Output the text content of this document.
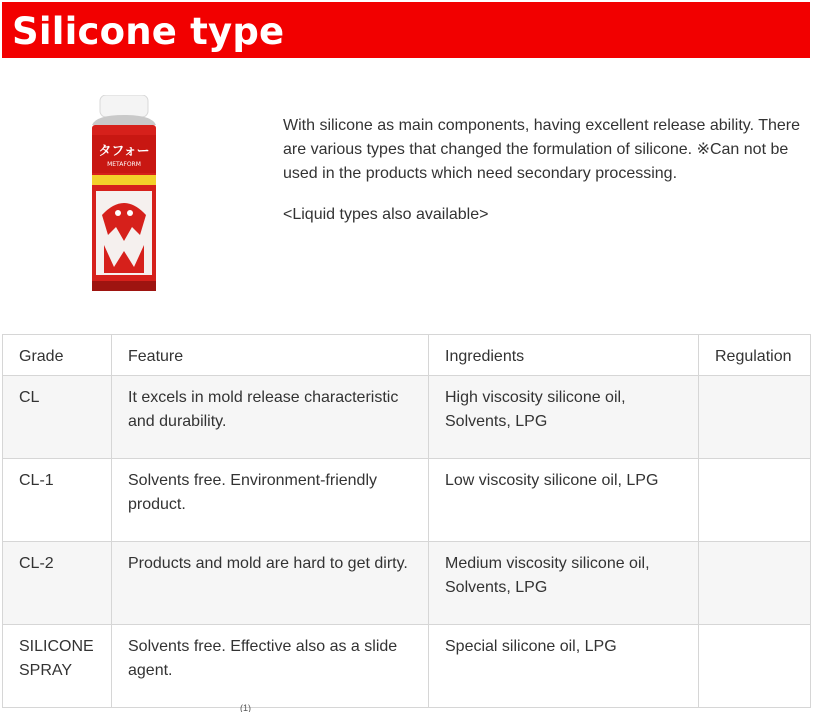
Silicone type
タフォー
METAFORM

With silicone as main components, having excellent release ability. There are various types that changed the formulation of silicone. ※Can not be used in the products which need secondary processing.

<Liquid types also available>

Grade	Feature	Ingredients	Regulation
CL	It excels in mold release characteristic and durability.	High viscosity silicone oil, Solvents, LPG	
CL-1	Solvents free. Environment-friendly product.	Low viscosity silicone oil, LPG	
CL-2	Products and mold are hard to get dirty.	Medium viscosity silicone oil, Solvents, LPG	
SILICONE SPRAY	Solvents free. Effective also as a slide agent.	Special silicone oil, LPG	
(1)
